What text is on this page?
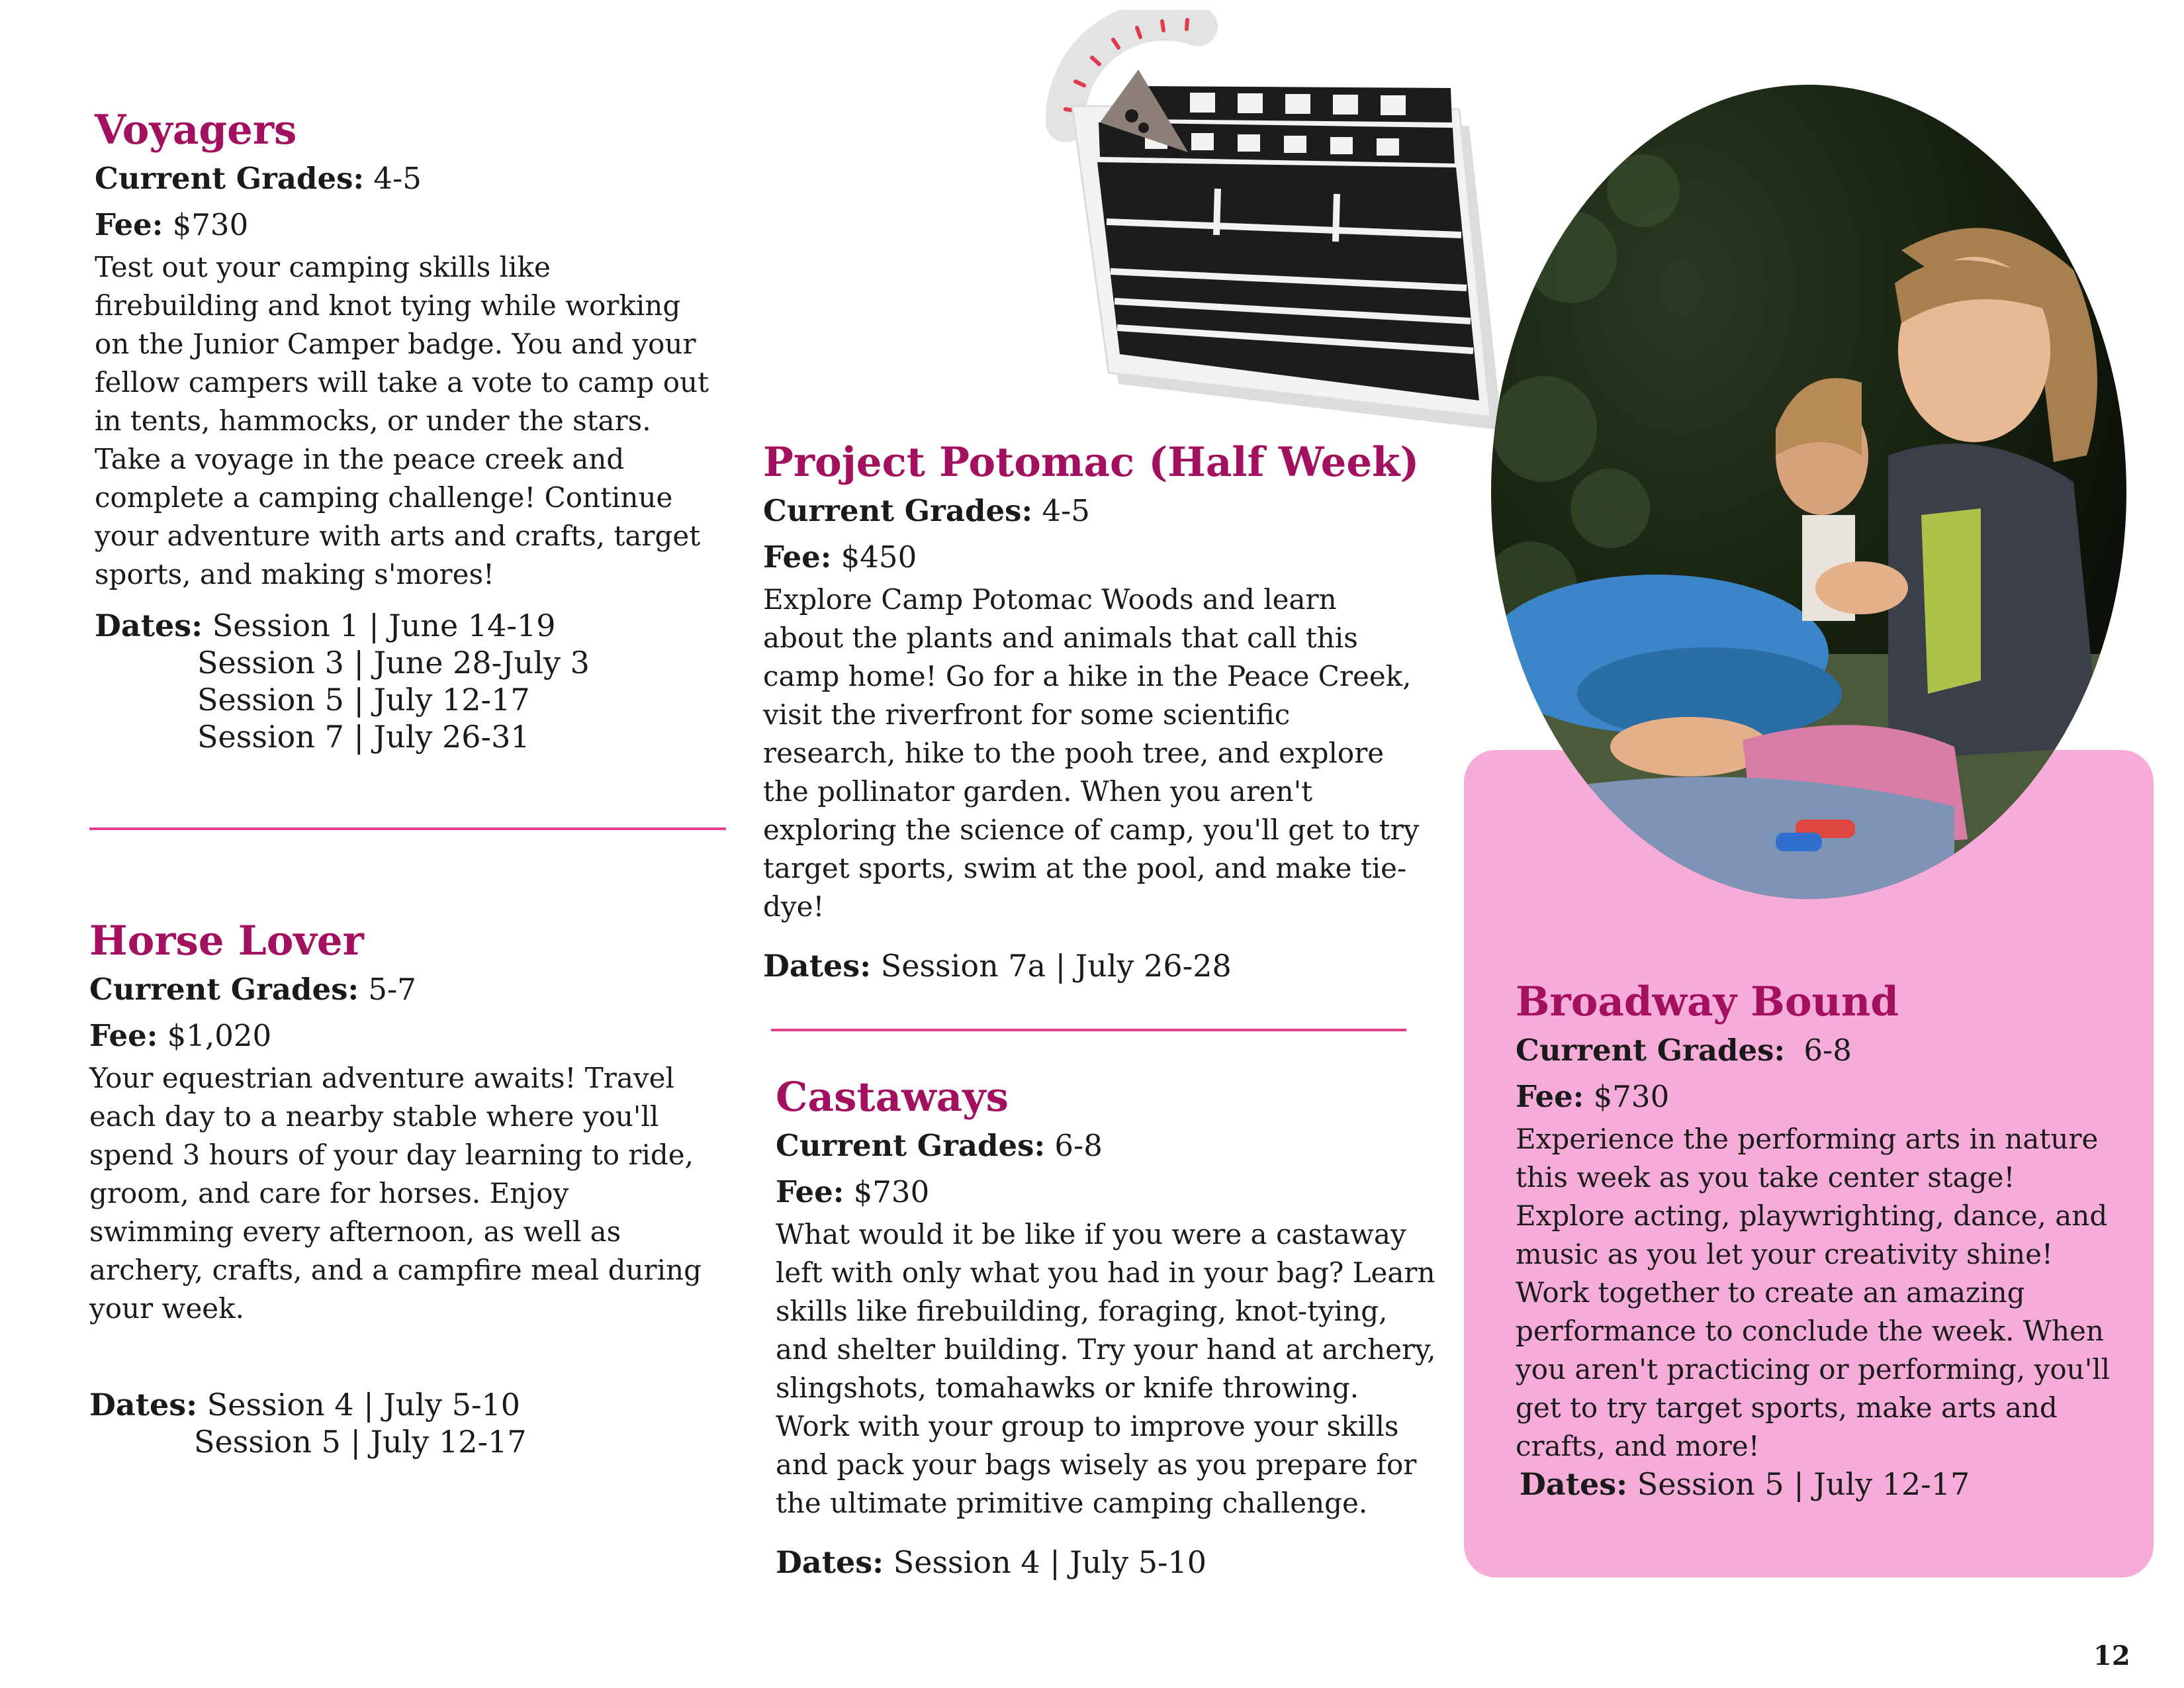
Voyagers
Current Grades: 4-5
Fee: $730

Test out your camping skills like firebuilding and knot tying while working on the Junior Camper badge. You and your fellow campers will take a vote to camp out in tents, hammocks, or under the stars. Take a voyage in the peace creek and complete a camping challenge! Continue your adventure with arts and crafts, target sports, and making s'mores!

Dates: Session 1 | June 14-19
Session 3 | June 28-July 3
Session 5 | July 12-17
Session 7 | July 26-31
Horse Lover
Current Grades: 5-7
Fee: $1,020

Your equestrian adventure awaits! Travel each day to a nearby stable where you'll spend 3 hours of your day learning to ride, groom, and care for horses. Enjoy swimming every afternoon, as well as archery, crafts, and a campfire meal during your week.

Dates: Session 4 | July 5-10
Session 5 | July 12-17
Project Potomac (Half Week)
Current Grades: 4-5
Fee: $450

Explore Camp Potomac Woods and learn about the plants and animals that call this camp home! Go for a hike in the Peace Creek, visit the riverfront for some scientific research, hike to the pooh tree, and explore the pollinator garden. When you aren't exploring the science of camp, you'll get to try target sports, swim at the pool, and make tie-dye!

Dates: Session 7a | July 26-28
Castaways
Current Grades: 6-8
Fee: $730

What would it be like if you were a castaway left with only what you had in your bag? Learn skills like firebuilding, foraging, knot-tying, and shelter building. Try your hand at archery, slingshots, tomahawks or knife throwing. Work with your group to improve your skills and pack your bags wisely as you prepare for the ultimate primitive camping challenge.

Dates: Session 4 | July 5-10
Broadway Bound
Current Grades: 6-8
Fee: $730

Experience the performing arts in nature this week as you take center stage! Explore acting, playwrighting, dance, and music as you let your creativity shine! Work together to create an amazing performance to conclude the week. When you aren't practicing or performing, you'll get to try target sports, make arts and crafts, and more!

Dates: Session 5 | July 12-17
12
